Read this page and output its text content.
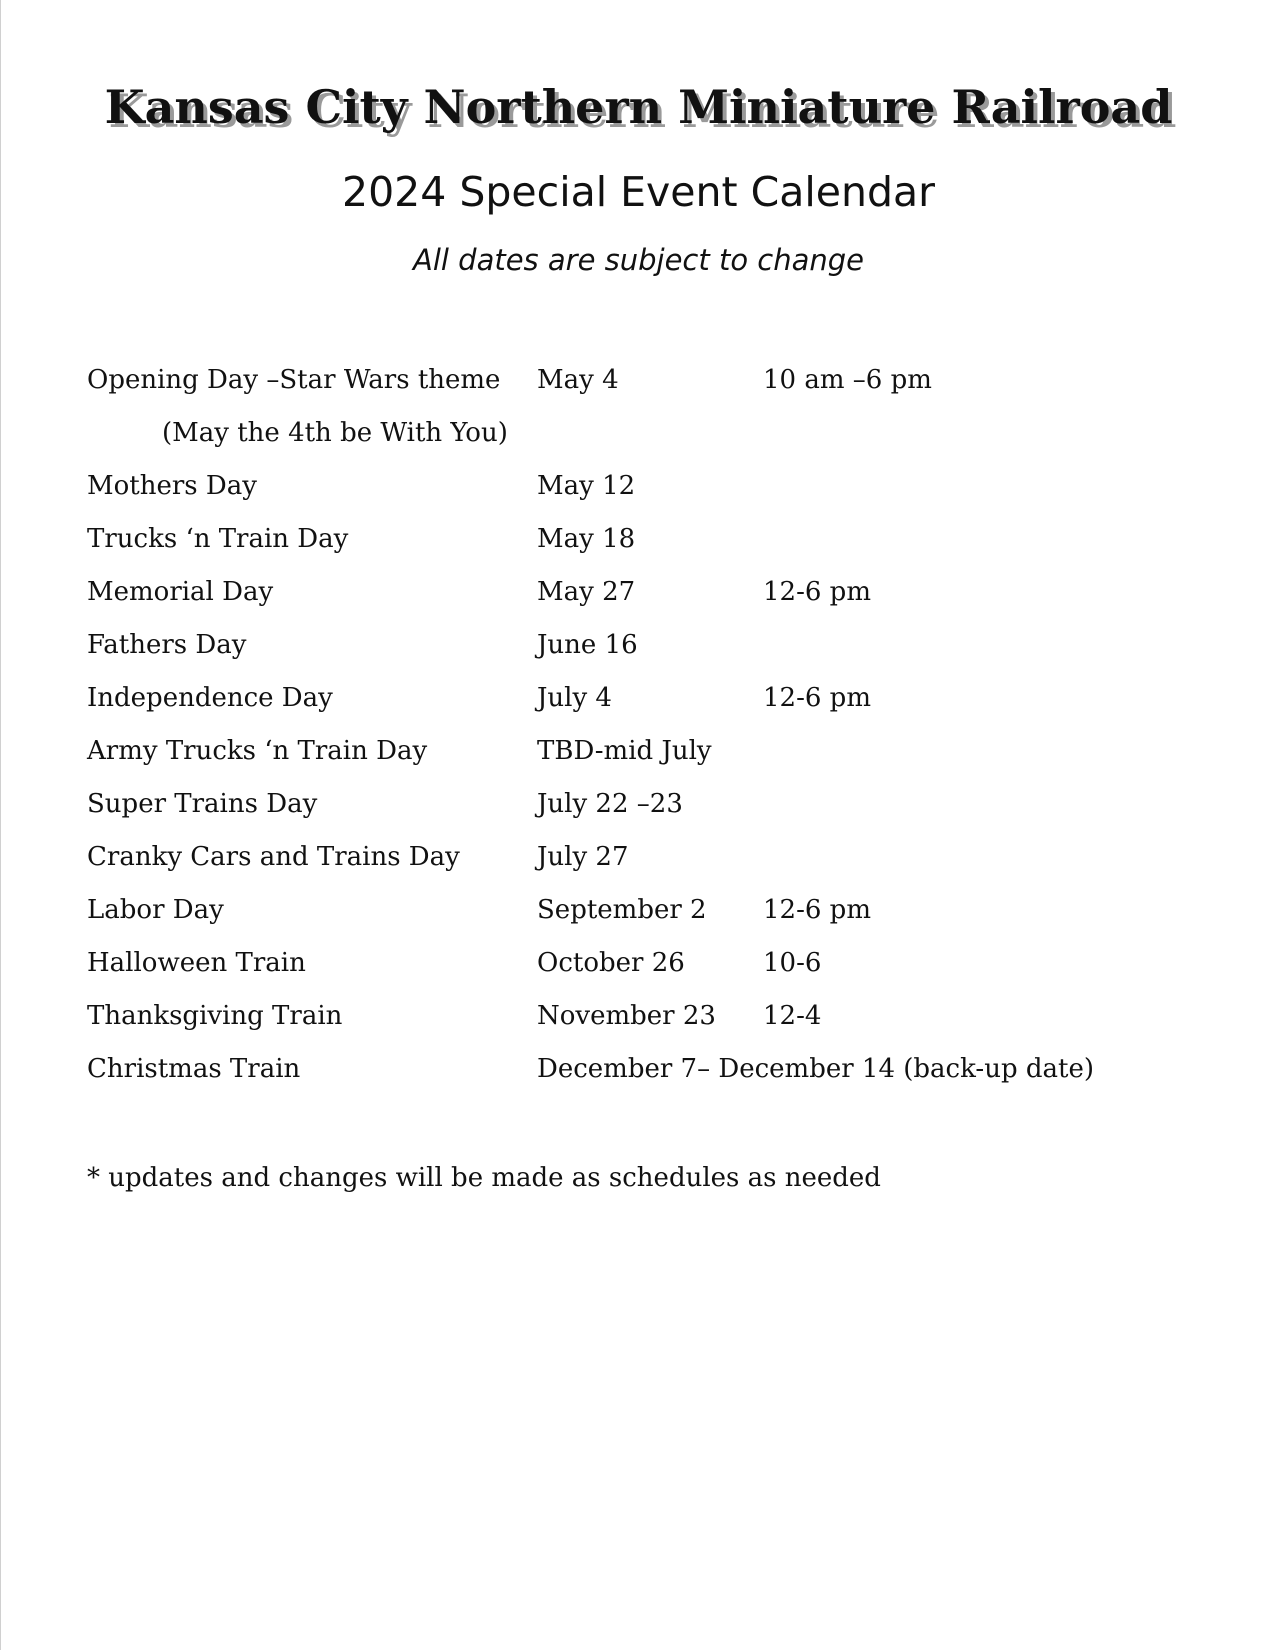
Kansas City Northern Miniature Railroad
2024 Special Event Calendar
All dates are subject to change
Opening Day –Star Wars theme May 4	10 am –6 pm
(May the 4th be With You)
Mothers Day	May 12
Trucks ‘n Train Day	May 18
Memorial Day	May 27	12-6 pm
Fathers Day	June 16
Independence Day	July 4	12-6 pm
Army Trucks ‘n Train Day	TBD-mid July
Super Trains Day	July 22 –23
Cranky Cars and Trains Day	July 27
Labor Day	September 2 12-6 pm
Halloween Train	October 26	10-6
Thanksgiving Train	November 23 12-4
Christmas Train	December 7– December 14 (back-up date)
* updates and changes will be made as schedules as needed
